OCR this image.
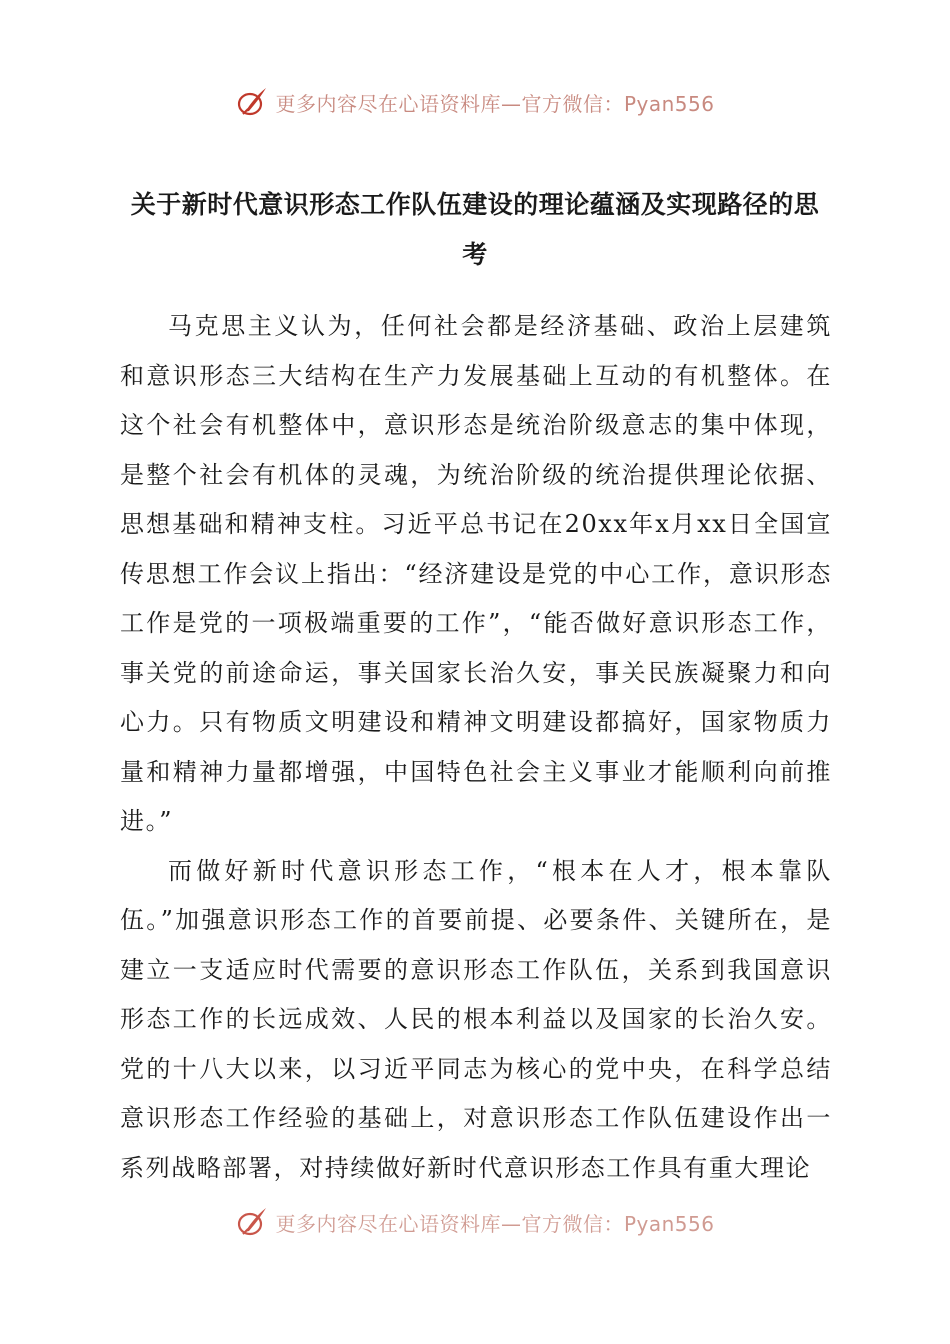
更多内容尽在心语资料库—官方微信：Pyan556
关于新时代意识形态工作队伍建设的理论蕴涵及实现路径的思考

马克思主义认为，任何社会都是经济基础、政治上层建筑和意识形态三大结构在生产力发展基础上互动的有机整体。在这个社会有机整体中，意识形态是统治阶级意志的集中体现，是整个社会有机体的灵魂，为统治阶级的统治提供理论依据、思想基础和精神支柱。习近平总书记在20xx年x月xx日全国宣传思想工作会议上指出：“经济建设是党的中心工作，意识形态工作是党的一项极端重要的工作”，“能否做好意识形态工作，事关党的前途命运，事关国家长治久安，事关民族凝聚力和向心力。只有物质文明建设和精神文明建设都搞好，国家物质力量和精神力量都增强，中国特色社会主义事业才能顺利向前推进。”

而做好新时代意识形态工作，“根本在人才，根本靠队伍。”加强意识形态工作的首要前提、必要条件、关键所在，是建立一支适应时代需要的意识形态工作队伍，关系到我国意识形态工作的长远成效、人民的根本利益以及国家的长治久安。党的十八大以来，以习近平同志为核心的党中央，在科学总结意识形态工作经验的基础上，对意识形态工作队伍建设作出一系列战略部署，对持续做好新时代意识形态工作具有重大理论

更多内容尽在心语资料库—官方微信：Pyan556
